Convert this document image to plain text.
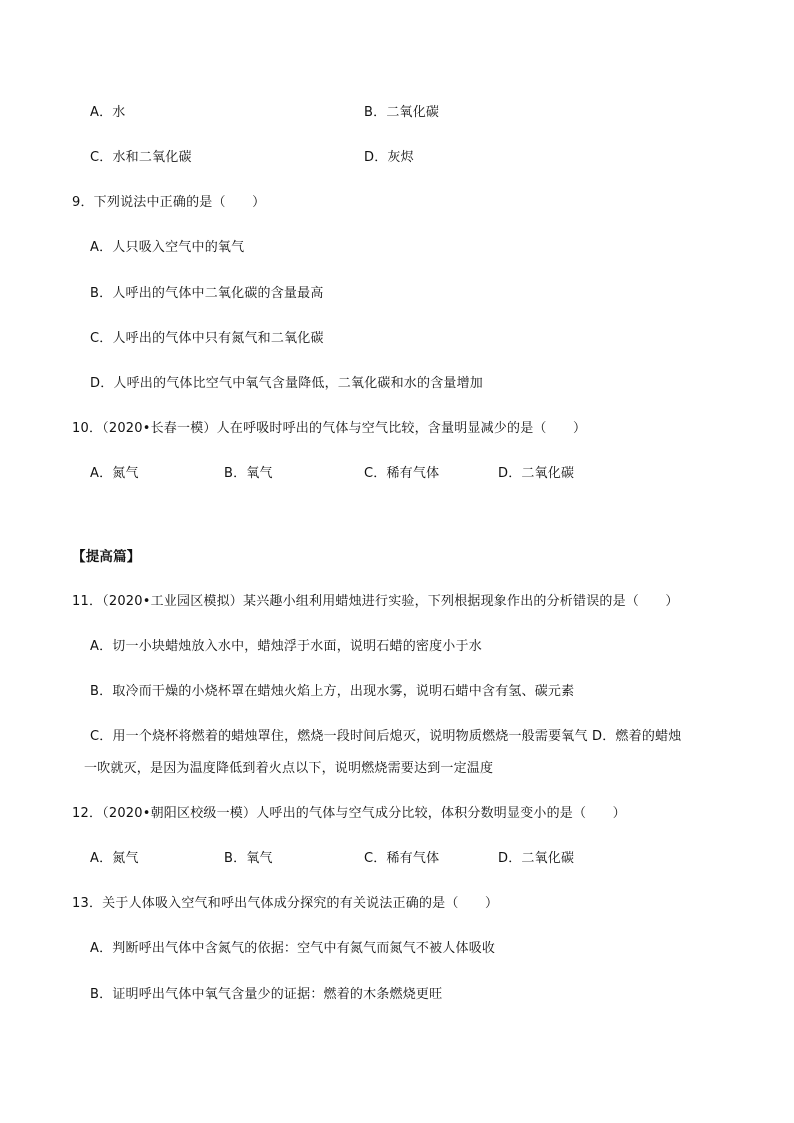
A．水	B．二氧化碳
C．水和二氧化碳	D．灰烬
9．下列说法中正确的是（　　）
A．人只吸入空气中的氧气
B．人呼出的气体中二氧化碳的含量最高
C．人呼出的气体中只有氮气和二氧化碳
D．人呼出的气体比空气中氧气含量降低，二氧化碳和水的含量增加
10．（2020•长春一模）人在呼吸时呼出的气体与空气比较，含量明显减少的是（　　）
A．氮气	B．氧气	C．稀有气体	D．二氧化碳
【提高篇】
11．（2020•工业园区模拟）某兴趣小组利用蜡烛进行实验，下列根据现象作出的分析错误的是（　　）
A．切一小块蜡烛放入水中，蜡烛浮于水面，说明石蜡的密度小于水
B．取冷而干燥的小烧杯罩在蜡烛火焰上方，出现水雾，说明石蜡中含有氢、碳元素
C．用一个烧杯将燃着的蜡烛罩住，燃烧一段时间后熄灭，说明物质燃烧一般需要氧气 D．燃着的蜡烛
一吹就灭，是因为温度降低到着火点以下，说明燃烧需要达到一定温度
12．（2020•朝阳区校级一模）人呼出的气体与空气成分比较，体积分数明显变小的是（　　）
A．氮气	B．氧气	C．稀有气体	D．二氧化碳
13．关于人体吸入空气和呼出气体成分探究的有关说法正确的是（　　）
A．判断呼出气体中含氮气的依据：空气中有氮气而氮气不被人体吸收
B．证明呼出气体中氧气含量少的证据：燃着的木条燃烧更旺
